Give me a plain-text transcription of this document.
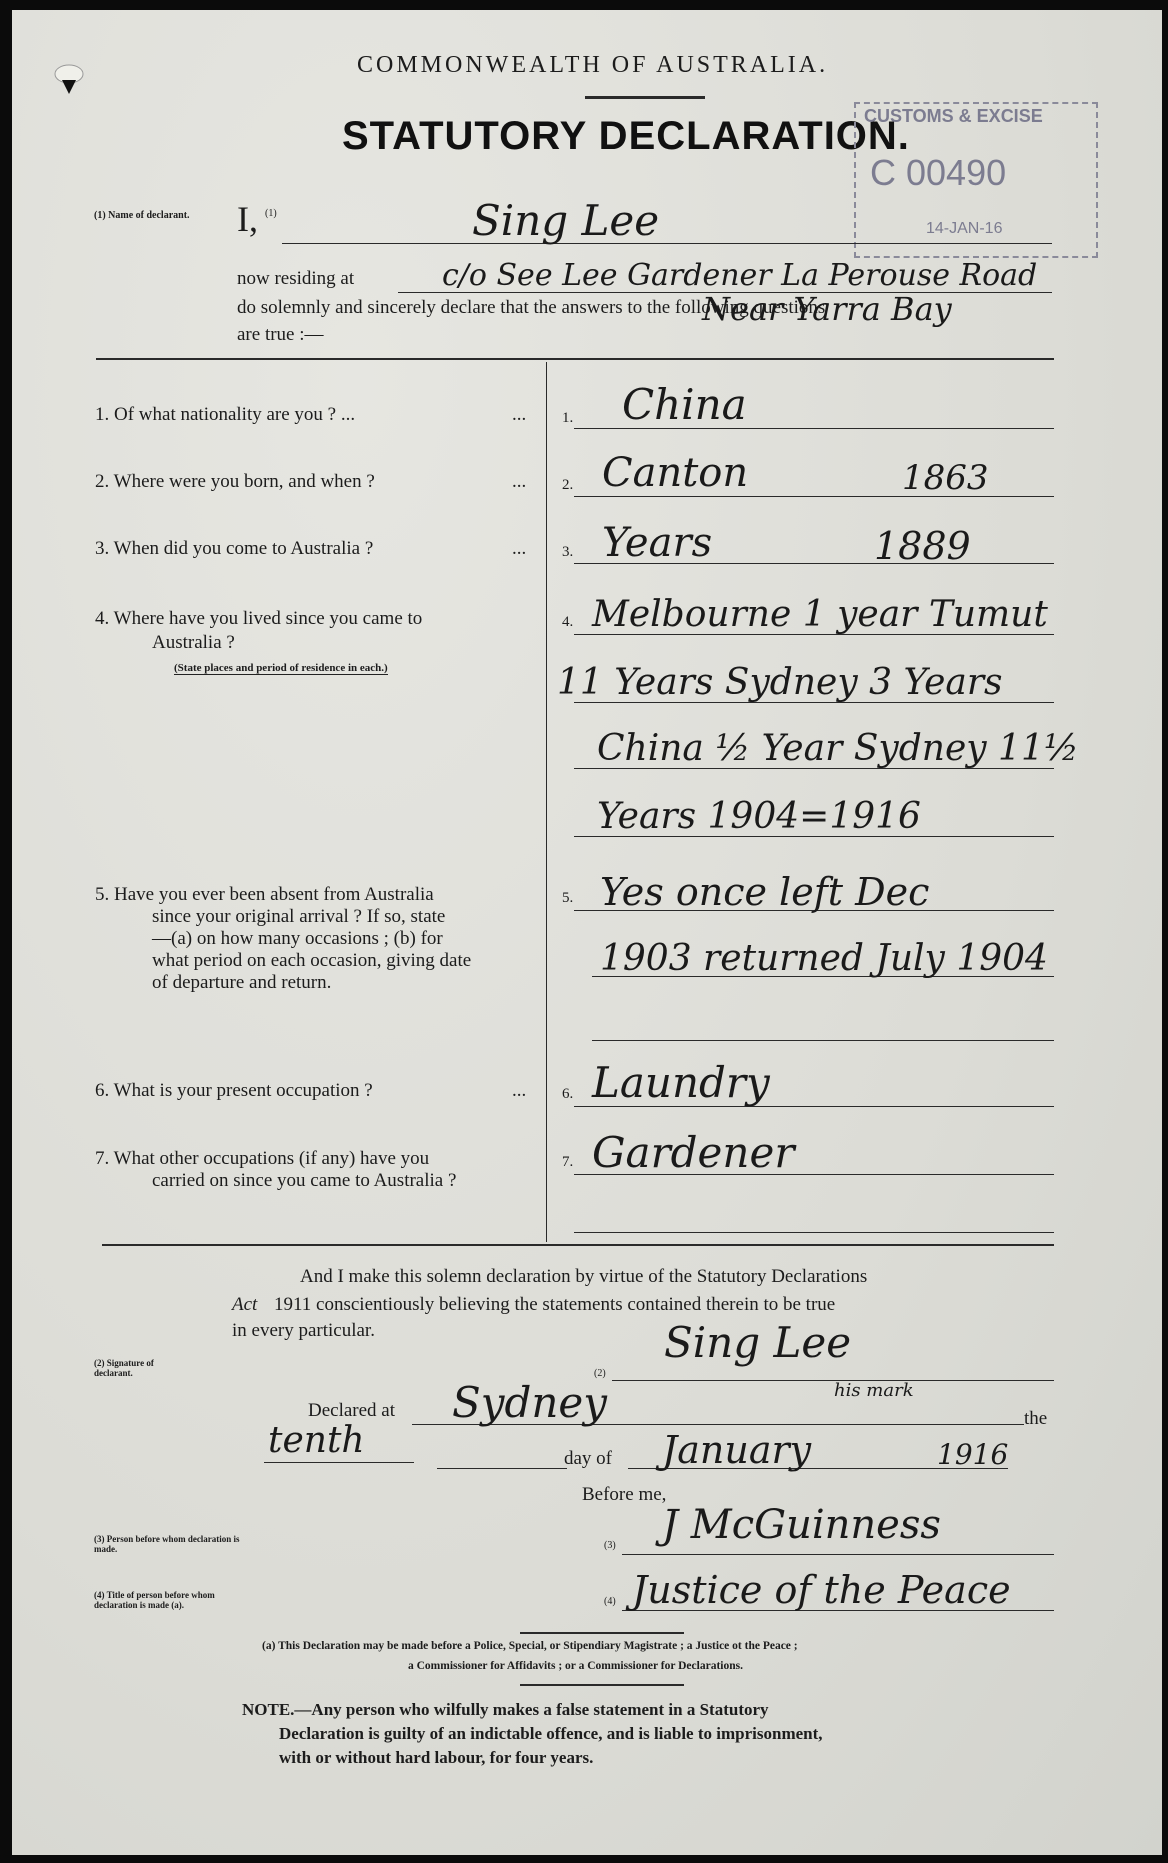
COMMONWEALTH OF AUSTRALIA.
STATUTORY DECLARATION.
CUSTOMS & EXCISE
C 00490
14-JAN-16
(1) Name of declarant. I, (1)	Sing Lee
now residing at	c/o See Lee Gardener La Perouse Road
do solemnly and sincerely declare that the answers to the following questions
Near Yarra Bay
are true :—
1. Of what nationality are you ? ...	... 1. China
2. Where were you born, and when ?	... 2. Canton	1863
3. When did you come to Australia ?	... 3. Years	1889
4. Where have you lived since you came to
Australia ?
(State places and period of residence in each.)
4. Melbourne 1 year Tumut
11 Years Sydney 3 Years
China ½ Year Sydney 11½
Years 1904=1916
5. Have you ever been absent from Australia
since your original arrival ? If so, state
—(a) on how many occasions ; (b) for
what period on each occasion, giving date
of departure and return.
5. Yes once left Dec
1903 returned July 1904
6. What is your present occupation ?	... 6. Laundry
7. What other occupations (if any) have you
carried on since you came to Australia ?
7. Gardener
And I make this solemn declaration by virtue of the Statutory Declarations
Act 1911 conscientiously believing the statements contained therein to be true
in every particular.
(2) Signature of declarant.	(2)
Sing Lee
his mark
Declared at Sydney	the
tenth	day of January	1916
Before me,
(3) Person before whom declaration is made.	(3) J McGuinness
(4) Title of person before whom declaration is made (a).	(4) Justice of the Peace
(a) This Declaration may be made before a Police, Special, or Stipendiary Magistrate ; a Justice ot the Peace ;
a Commissioner for Affidavits ; or a Commissioner for Declarations.
NOTE.—Any person who wilfully makes a false statement in a Statutory
Declaration is guilty of an indictable offence, and is liable to imprisonment,
with or without hard labour, for four years.
